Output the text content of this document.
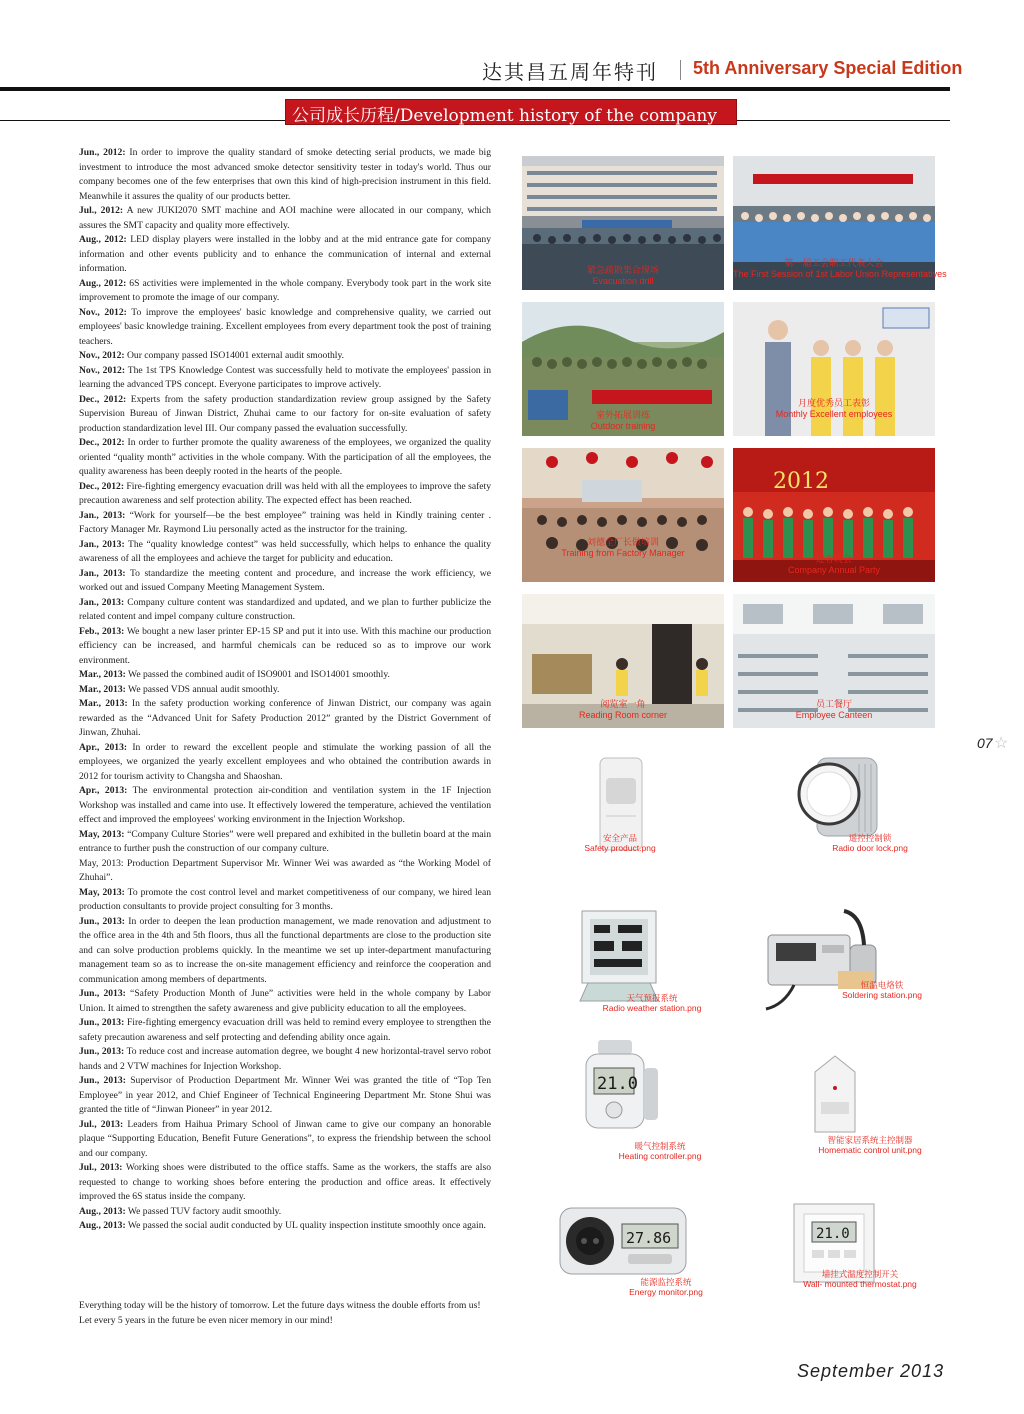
达其昌五周年特刊 5th Anniversary Special Edition
公司成长历程/Development history of the company

Jun., 2012: In order to improve the quality standard of smoke detecting serial products, we made big investment to introduce the most advanced smoke detector sensitivity tester in today's world. Thus our company becomes one of the few enterprises that own this kind of high-precision instrument in this field. Meanwhile it assures the quality of our products better.

Jul., 2012: A new JUKI2070 SMT machine and AOI machine were allocated in our company, which assures the SMT capacity and quality more effectively.

Aug., 2012: LED display players were installed in the lobby and at the mid entrance gate for company information and other events publicity and to enhance the communication of internal and external information.

Aug., 2012: 6S activities were implemented in the whole company. Everybody took part in the work site improvement to promote the image of our company.

Nov., 2012: To improve the employees' basic knowledge and comprehensive quality, we carried out employees' basic knowledge training. Excellent employees from every department took the post of training teachers.

Nov., 2012: Our company passed ISO14001 external audit smoothly.

Nov., 2012: The 1st TPS Knowledge Contest was successfully held to motivate the employees' passion in learning the advanced TPS concept. Everyone participates to improve actively.

Dec., 2012: Experts from the safety production standardization review group assigned by the Safety Supervision Bureau of Jinwan District, Zhuhai came to our factory for on-site evaluation of safety production standardization level III. Our company passed the evaluation successfully.

Dec., 2012: In order to further promote the quality awareness of the employees, we organized the quality oriented “quality month” activities in the whole company. With the participation of all the employees, the quality awareness has been deeply rooted in the hearts of the people.

Dec., 2012: Fire-fighting emergency evacuation drill was held with all the employees to improve the safety precaution awareness and self protection ability. The expected effect has been reached.

Jan., 2013: “Work for yourself—be the best employee” training was held in Kindly training center . Factory Manager Mr. Raymond Liu personally acted as the instructor for the training.

Jan., 2013: The “quality knowledge contest” was held successfully, which helps to enhance the quality awareness of all the employees and achieve the target for publicity and education.

Jan., 2013: To standardize the meeting content and procedure, and increase the work efficiency, we worked out and issued Company Meeting Management System.

Jan., 2013: Company culture content was standardized and updated, and we plan to further publicize the related content and impel company culture construction.

Feb., 2013: We bought a new laser printer EP-15 SP and put it into use. With this machine our production efficiency can be increased, and harmful chemicals can be reduced so as to improve our work environment.

Mar., 2013: We passed the combined audit of ISO9001 and ISO14001 smoothly.

Mar., 2013: We passed VDS annual audit smoothly.

Mar., 2013: In the safety production working conference of Jinwan District, our company was again rewarded as the “Advanced Unit for Safety Production 2012” granted by the District Government of Jinwan, Zhuhai.

Apr., 2013: In order to reward the excellent people and stimulate the working passion of all the employees, we organized the yearly excellent employees and who obtained the contribution awards in 2012 for tourism activity to Changsha and Shaoshan.

Apr., 2013: The environmental protection air-condition and ventilation system in the 1F Injection Workshop was installed and came into use. It effectively lowered the temperature, achieved the ventilation effect and improved the employees' working environment in the Injection Workshop.

May, 2013: “Company Culture Stories” were well prepared and exhibited in the bulletin board at the main entrance to further push the construction of our company culture.

May, 2013: Production Department Supervisor Mr. Winner Wei was awarded as “the Working Model of Zhuhai”.

May, 2013: To promote the cost control level and market competitiveness of our company, we hired lean production consultants to provide project consulting for 3 months.

Jun., 2013: In order to deepen the lean production management, we made renovation and adjustment to the office area in the 4th and 5th floors, thus all the functional departments are close to the production site and can solve production problems quickly. In the meantime we set up inter-department manufacturing management team so as to increase the on-site management efficiency and reinforce the cooperation and communication among members of departments.

Jun., 2013: “Safety Production Month of June” activities were held in the whole company by Labor Union. It aimed to strengthen the safety awareness and give publicity education to all the employees.

Jun., 2013: Fire-fighting emergency evacuation drill was held to remind every employee to strengthen the safety precaution awareness and self protecting and defending ability once again.

Jun., 2013: To reduce cost and increase automation degree, we bought 4 new horizontal-travel servo robot hands and 2 VTW machines for Injection Workshop.

Jun., 2013: Supervisor of Production Department Mr. Winner Wei was granted the title of “Top Ten Employee” in year 2012, and Chief Engineer of Technical Engineering Department Mr. Stone Shui was granted the title of “Jinwan Pioneer” in year 2012.

Jul., 2013: Leaders from Haihua Primary School of Jinwan came to give our company an honorable plaque “Supporting Education, Benefit Future Generations”, to express the friendship between the school and our company.

Jul., 2013: Working shoes were distributed to the office staffs. Same as the workers, the staffs are also requested to change to working shoes before entering the production and office areas. It effectively improved the 6S status inside the company.

Aug., 2013: We passed TUV factory audit smoothly.

Aug., 2013: We passed the social audit conducted by UL quality inspection institute smoothly once again.

Everything today will be the history of tomorrow. Let the future days witness the double efforts from us! Let every 5 years in the future be even nicer memory in our mind!
紧急疏散集合现场
Evacuation drill
第一届工会职工代表大会
The First Session of 1st Labor Union Representatives
室外拓展训练
Outdoor training
月度优秀员工表彰
Monthly Excellent employees
刘德全厂长做培训
Training from Factory Manager
2012
迎春晚会
Company Annual Party
阅览室一角
Reading Room corner
员工餐厅
Employee Canteen
07 ☆
安全产品
Safety product.png
遥控控制锁
Radio door lock.png
天气预报系统
Radio weather station.png
恒温电烙铁
Soldering station.png
21.0
暖气控制系统
Heating controller.png
智能家居系统主控制器
Homematic control unit.png
27.86
能源监控系统
Energy monitor.png
21.0
墙挂式温度控制开关
Wall- mounted thermostat.png
September 2013
